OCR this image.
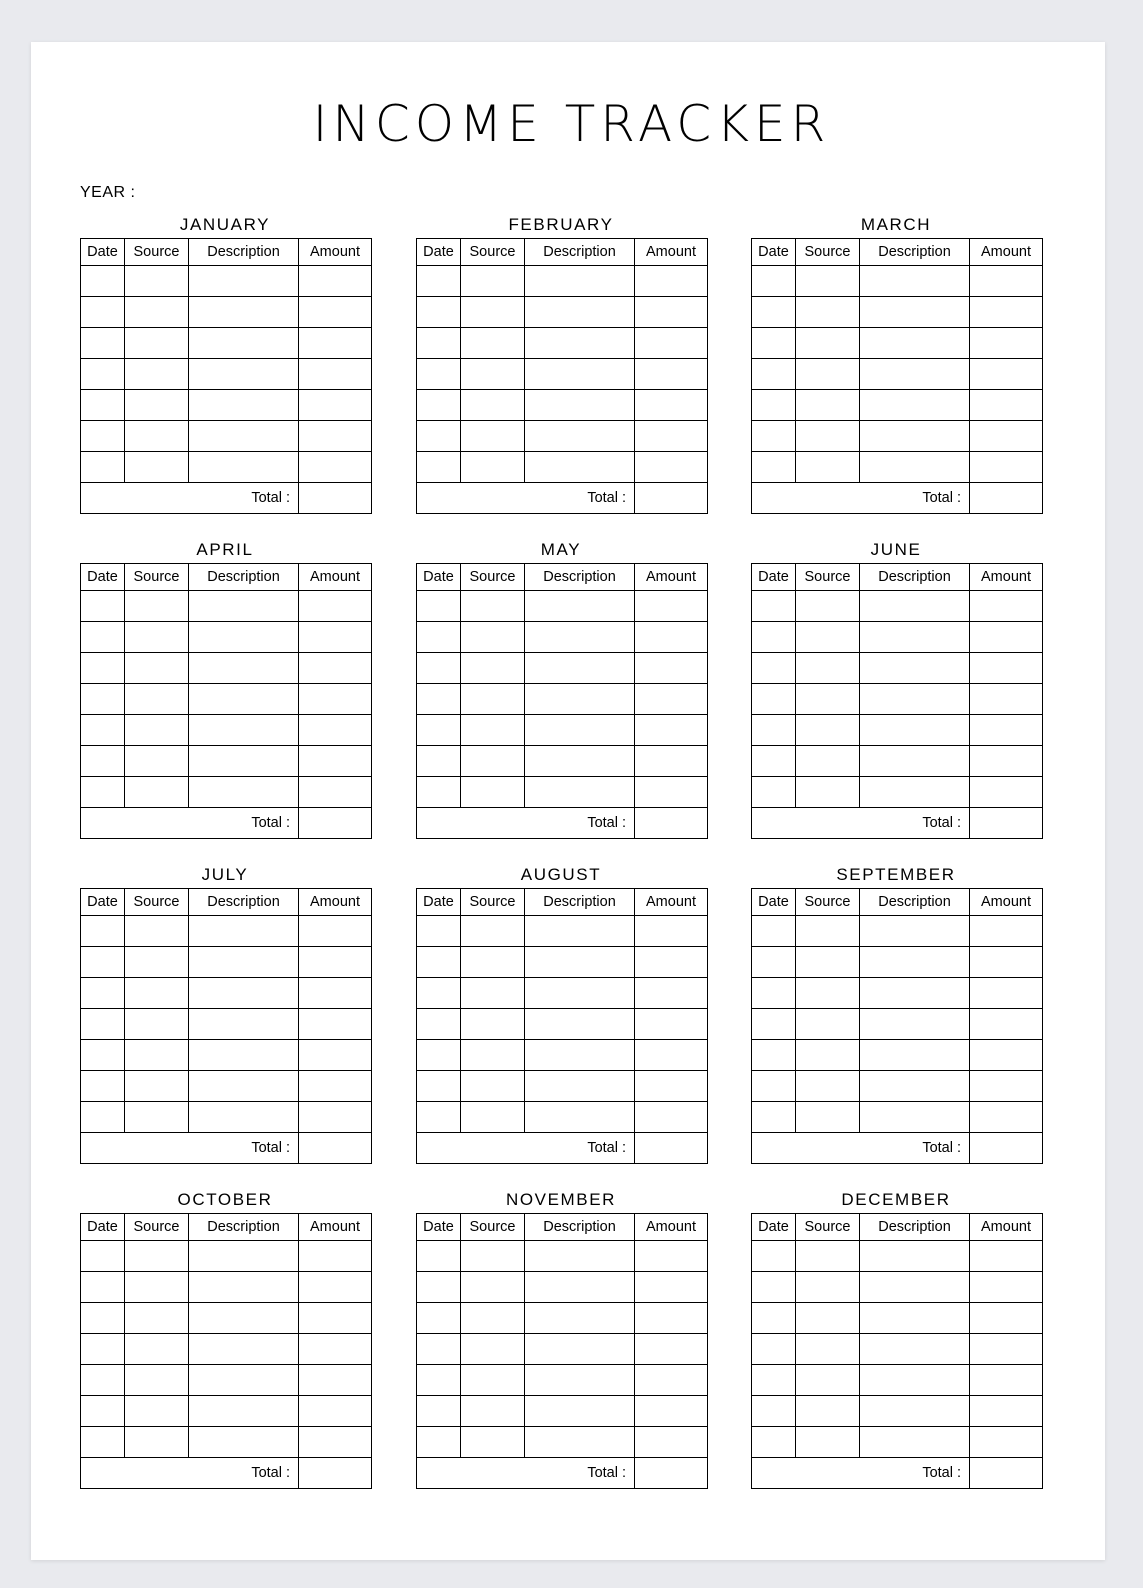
INCOME TRACKER
YEAR :
JANUARY
Date	Source	Description	Amount

Total :			
FEBRUARY
Date	Source	Description	Amount

Total :			
MARCH
Date	Source	Description	Amount

Total :			
APRIL
Date	Source	Description	Amount

Total :			
MAY
Date	Source	Description	Amount

Total :			
JUNE
Date	Source	Description	Amount

Total :			
JULY
Date	Source	Description	Amount

Total :			
AUGUST
Date	Source	Description	Amount

Total :			
SEPTEMBER
Date	Source	Description	Amount

Total :			
OCTOBER
Date	Source	Description	Amount

Total :			
NOVEMBER
Date	Source	Description	Amount

Total :			
DECEMBER
Date	Source	Description	Amount

Total :			
